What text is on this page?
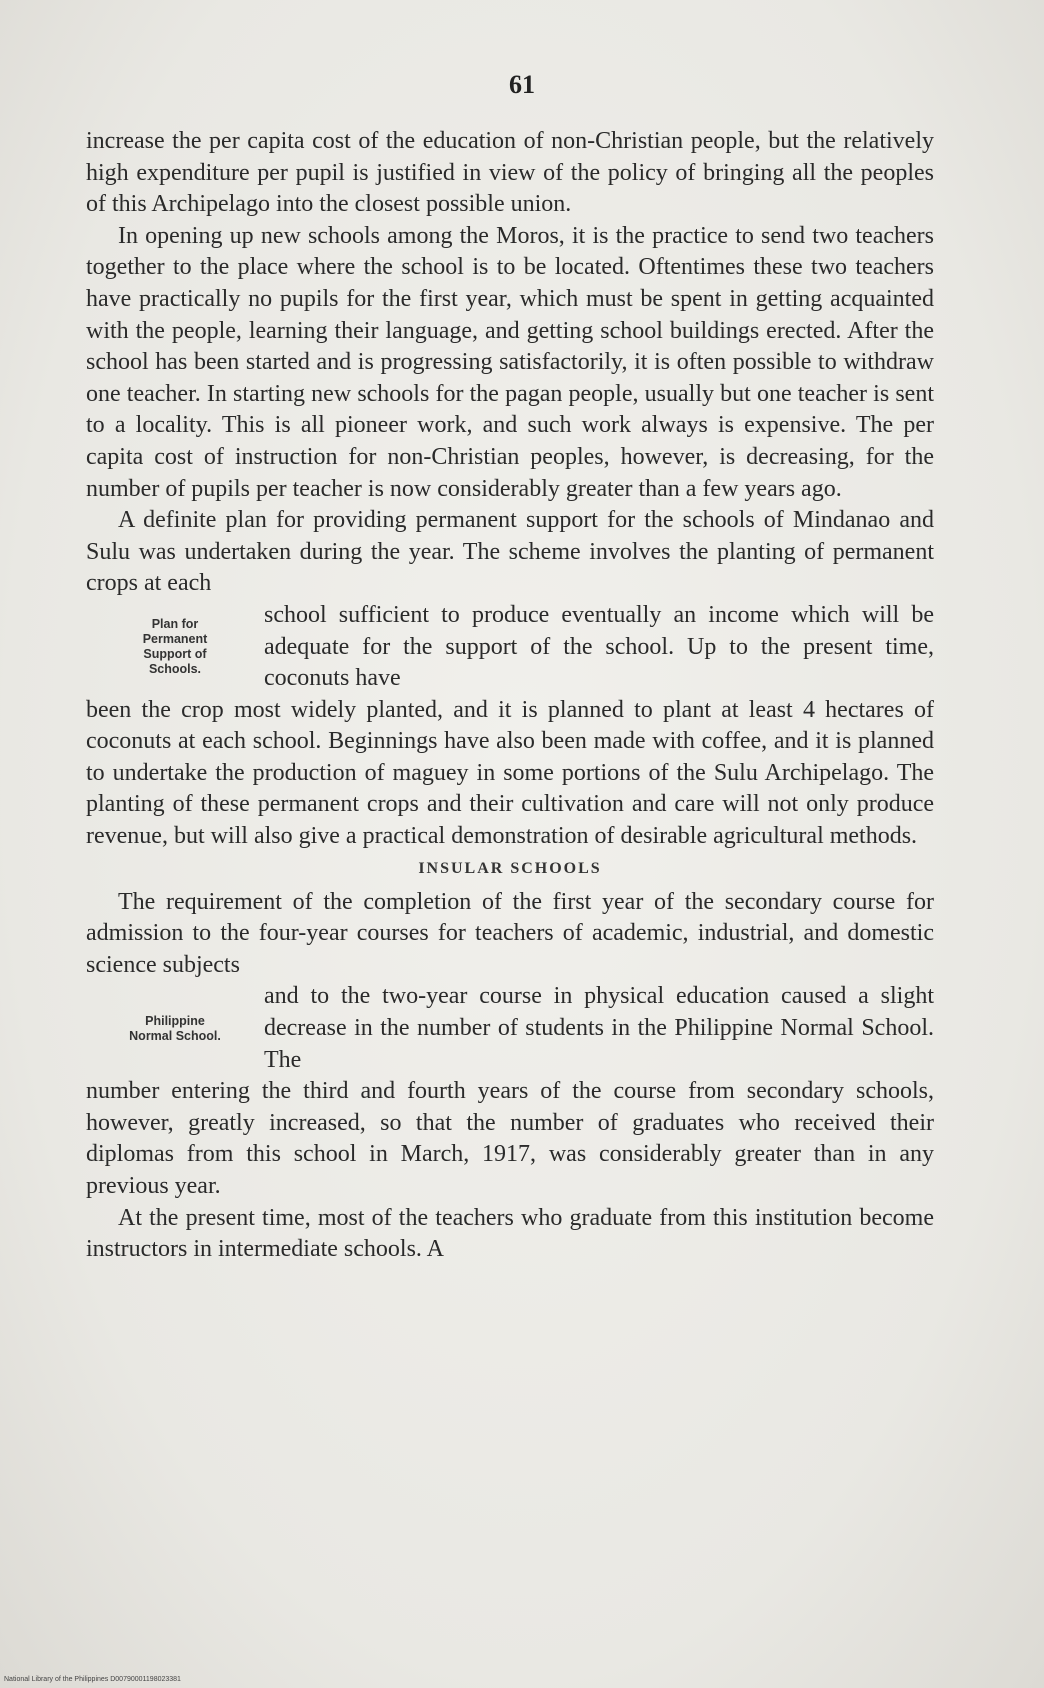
61

increase the per capita cost of the education of non-Christian people, but the relatively high expenditure per pupil is justified in view of the policy of bringing all the peoples of this Archipelago into the closest possible union.

In opening up new schools among the Moros, it is the practice to send two teachers together to the place where the school is to be located. Oftentimes these two teachers have practically no pupils for the first year, which must be spent in getting acquainted with the people, learning their language, and getting school buildings erected. After the school has been started and is progressing satisfactorily, it is often possible to withdraw one teacher. In starting new schools for the pagan people, usually but one teacher is sent to a locality. This is all pioneer work, and such work always is expensive. The per capita cost of instruction for non-Christian peoples, however, is decreasing, for the number of pupils per teacher is now considerably greater than a few years ago.

A definite plan for providing permanent support for the schools of Mindanao and Sulu was undertaken during the year. The scheme involves the planting of permanent crops at each

Plan for
Permanent
Support of
Schools.

school sufficient to produce eventually an income which will be adequate for the support of the school. Up to the present time, coconuts have

been the crop most widely planted, and it is planned to plant at least 4 hectares of coconuts at each school. Beginnings have also been made with coffee, and it is planned to undertake the production of maguey in some portions of the Sulu Archipelago. The planting of these permanent crops and their cultivation and care will not only produce revenue, but will also give a practical demonstration of desirable agricultural methods.

INSULAR SCHOOLS

The requirement of the completion of the first year of the secondary course for admission to the four-year courses for teachers of academic, industrial, and domestic science subjects

Philippine
Normal School.

and to the two-year course in physical education caused a slight decrease in the number of students in the Philippine Normal School. The

number entering the third and fourth years of the course from secondary schools, however, greatly increased, so that the number of graduates who received their diplomas from this school in March, 1917, was considerably greater than in any previous year.

At the present time, most of the teachers who graduate from this institution become instructors in intermediate schools. A

National Library of the Philippines D00790001198023381
